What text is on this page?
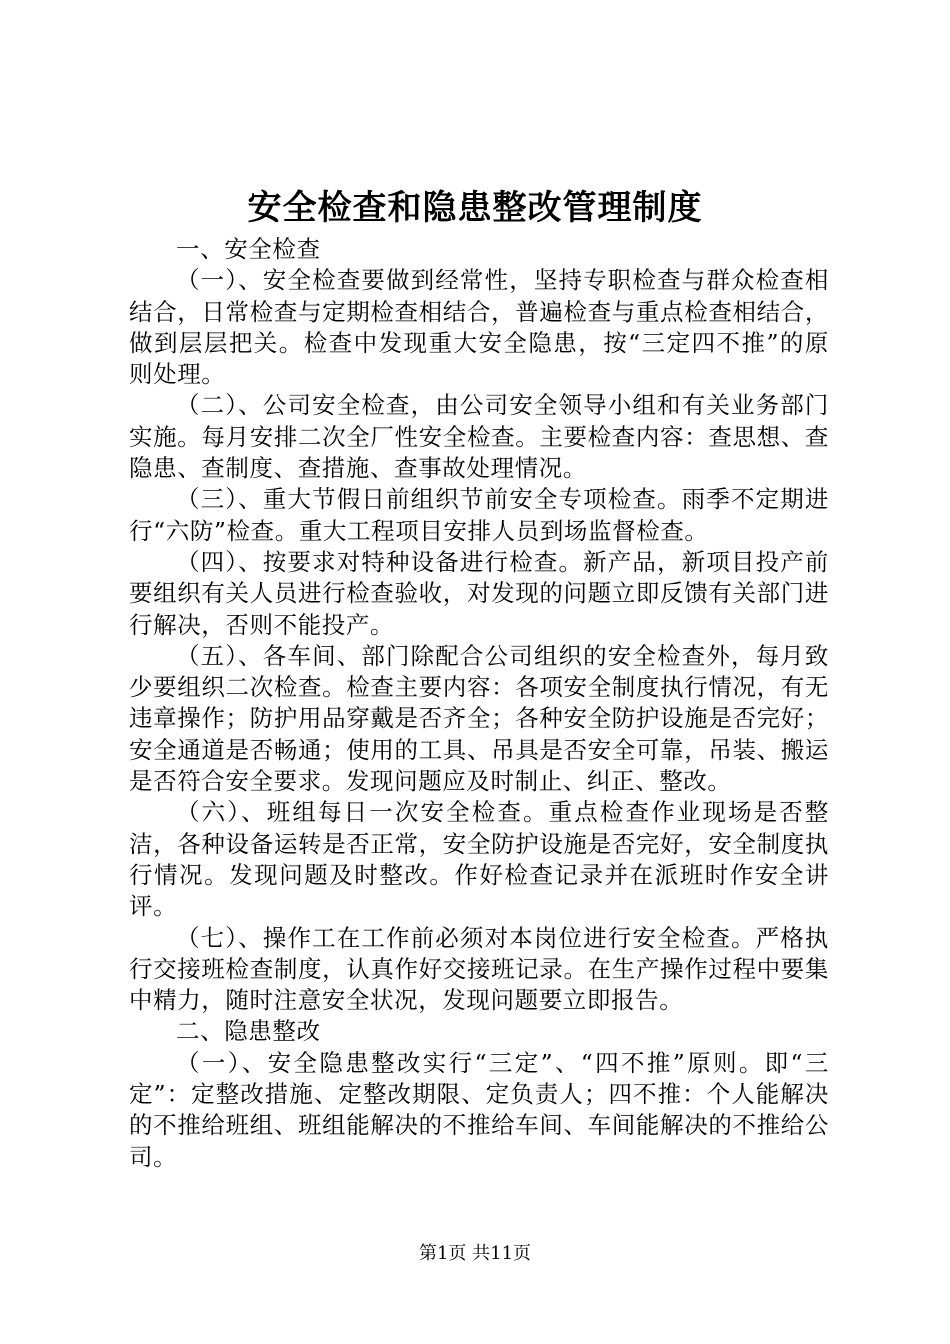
安全检查和隐患整改管理制度

一、安全检查

（一）、安全检查要做到经常性，坚持专职检查与群众检查相结合，日常检查与定期检查相结合，普遍检查与重点检查相结合，做到层层把关。检查中发现重大安全隐患，按“三定四不推”的原则处理。

（二）、公司安全检查，由公司安全领导小组和有关业务部门实施。每月安排二次全厂性安全检查。主要检查内容：查思想、查隐患、查制度、查措施、查事故处理情况。

（三）、重大节假日前组织节前安全专项检查。雨季不定期进行“六防”检查。重大工程项目安排人员到场监督检查。

（四）、按要求对特种设备进行检查。新产品，新项目投产前要组织有关人员进行检查验收，对发现的问题立即反馈有关部门进行解决，否则不能投产。

（五）、各车间、部门除配合公司组织的安全检查外，每月致少要组织二次检查。检查主要内容：各项安全制度执行情况，有无违章操作；防护用品穿戴是否齐全；各种安全防护设施是否完好；安全通道是否畅通；使用的工具、吊具是否安全可靠，吊装、搬运是否符合安全要求。发现问题应及时制止、纠正、整改。

（六）、班组每日一次安全检查。重点检查作业现场是否整洁，各种设备运转是否正常，安全防护设施是否完好，安全制度执行情况。发现问题及时整改。作好检查记录并在派班时作安全讲评。

（七）、操作工在工作前必须对本岗位进行安全检查。严格执行交接班检查制度，认真作好交接班记录。在生产操作过程中要集中精力，随时注意安全状况，发现问题要立即报告。

二、隐患整改

（一）、安全隐患整改实行“三定”、“四不推”原则。即“三定”：定整改措施、定整改期限、定负责人；四不推：个人能解决的不推给班组、班组能解决的不推给车间、车间能解决的不推给公司。

第1页 共11页
